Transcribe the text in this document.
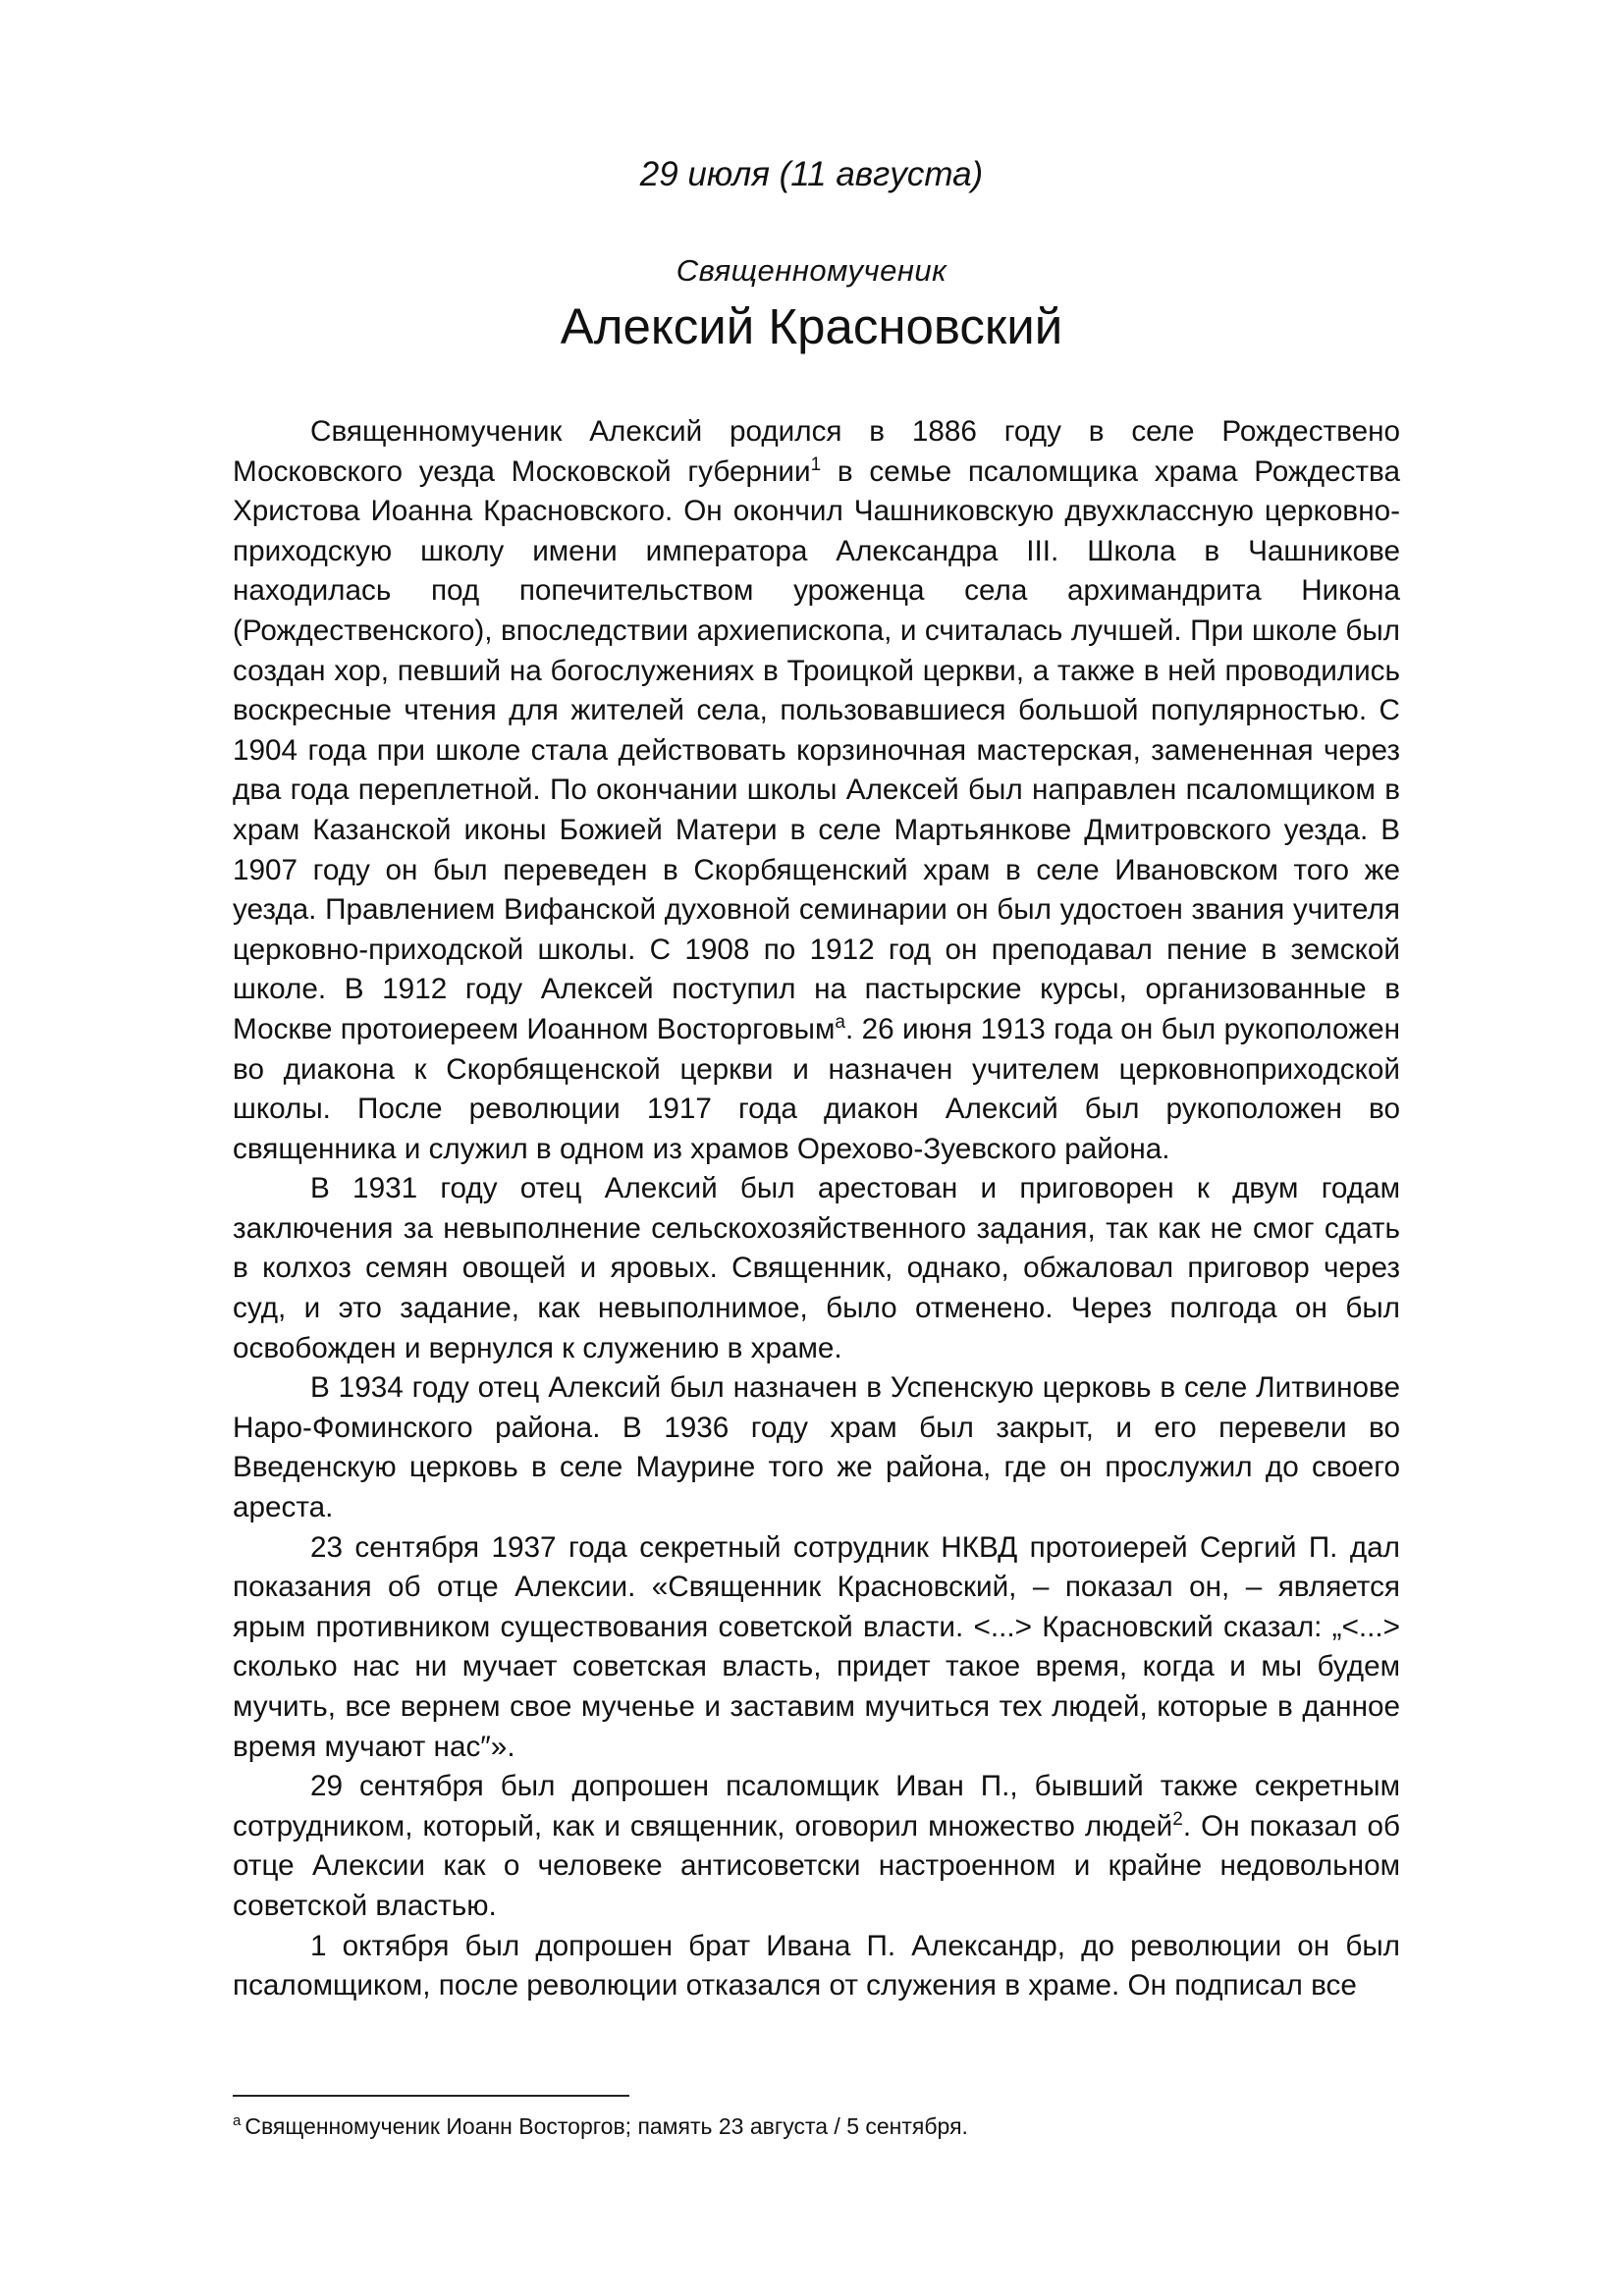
29 июля (11 августа)
Священномученик
Алексий Красновский

Священномученик Алексий родился в 1886 году в селе Рождествено Московского уезда Московской губернии$^1$ в семье псаломщика храма Рождества Христова Иоанна Красновского. Он окончил Чашниковскую двухклассную церковно-приходскую школу имени императора Александра III. Школа в Чашникове находилась под попечительством уроженца села архимандрита Никона (Рождественского), впоследствии архиепископа, и считалась лучшей. При школе был создан хор, певший на богослужениях в Троицкой церкви, а также в ней проводились воскресные чтения для жителей села, пользовавшиеся большой популярностью. С 1904 года при школе стала действовать корзиночная мастерская, замененная через два года переплетной. По окончании школы Алексей был направлен псаломщиком в храм Казанской иконы Божией Матери в селе Мартьянкове Дмитровского уезда. В 1907 году он был переведен в Скорбященский храм в селе Ивановском того же уезда. Правлением Вифанской духовной семинарии он был удостоен звания учителя церковно-приходской школы. С 1908 по 1912 год он преподавал пение в земской школе. В 1912 году Алексей поступил на пастырские курсы, организованные в Москве протоиереем Иоанном Восторговым$^a$. 26 июня 1913 года он был рукоположен во диакона к Скорбященской церкви и назначен учителем церковноприходской школы. После революции 1917 года диакон Алексий был рукоположен во священника и служил в одном из храмов Орехово-Зуевского района.

В 1931 году отец Алексий был арестован и приговорен к двум годам заключения за невыполнение сельскохозяйственного задания, так как не смог сдать в колхоз семян овощей и яровых. Священник, однако, обжаловал приговор через суд, и это задание, как невыполнимое, было отменено. Через полгода он был освобожден и вернулся к служению в храме.

В 1934 году отец Алексий был назначен в Успенскую церковь в селе Литвинове Наро-Фоминского района. В 1936 году храм был закрыт, и его перевели во Введенскую церковь в селе Маурине того же района, где он прослужил до своего ареста.

23 сентября 1937 года секретный сотрудник НКВД протоиерей Сергий П. дал показания об отце Алексии. «Священник Красновский, – показал он, – является ярым противником существования советской власти. <...> Красновский сказал: „<...> сколько нас ни мучает советская власть, придет такое время, когда и мы будем мучить, все вернем свое мученье и заставим мучиться тех людей, которые в данное время мучают нас″».

29 сентября был допрошен псаломщик Иван П., бывший также секретным сотрудником, который, как и священник, оговорил множество людей$^2$. Он показал об отце Алексии как о человеке антисоветски настроенном и крайне недовольном советской властью.

1 октября был допрошен брат Ивана П. Александр, до революции он был псаломщиком, после революции отказался от служения в храме. Он подписал все

$^a$ Священномученик Иоанн Восторгов; память 23 августа / 5 сентября.
